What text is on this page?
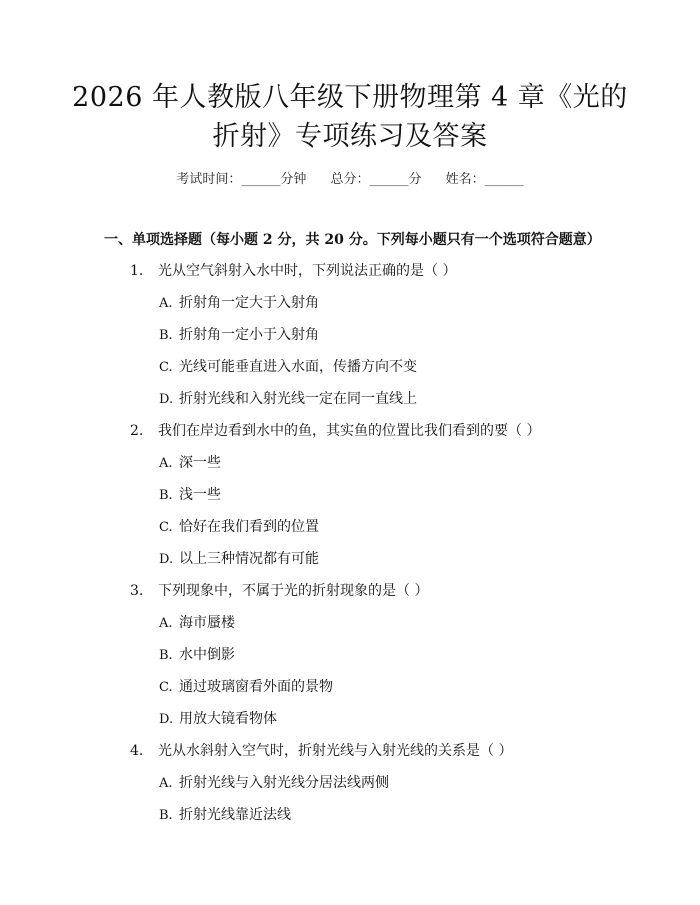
2026 年人教版八年级下册物理第 4 章《光的
折射》专项练习及答案
考试时间：______分钟 总分：______分 姓名：______
一、单项选择题（每小题 2 分，共 20 分。下列每小题只有一个选项符合题意）
1. 光从空气斜射入水中时，下列说法正确的是（ ）
A. 折射角一定大于入射角
B. 折射角一定小于入射角
C. 光线可能垂直进入水面，传播方向不变
D. 折射光线和入射光线一定在同一直线上
2. 我们在岸边看到水中的鱼，其实鱼的位置比我们看到的要（ ）
A. 深一些
B. 浅一些
C. 恰好在我们看到的位置
D. 以上三种情况都有可能
3. 下列现象中，不属于光的折射现象的是（ ）
A. 海市蜃楼
B. 水中倒影
C. 通过玻璃窗看外面的景物
D. 用放大镜看物体
4. 光从水斜射入空气时，折射光线与入射光线的关系是（ ）
A. 折射光线与入射光线分居法线两侧
B. 折射光线靠近法线
